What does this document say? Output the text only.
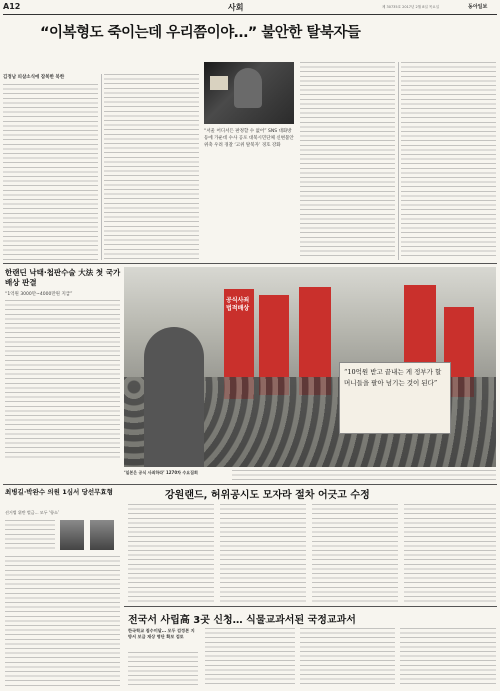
A12	사회	제 30735호 2017년 2월 8일 목요일	동아일보
“이복형도 죽이는데 우리쯤이야…” 불안한 탈북자들
김정남 피살소식에 잠복한 북한
“서울 어디서든 판정할 수 없어” SNS 대화방 등에 가운데 수사 공포 대북시민단체 신변불안 위축 우려 경찰 ‘고위 탈북자’ 경호 강화
한랜딘 낙태·첩판수술 大法 첫 국가배상 판결
“1억원 3000만~4000만원 지급”
공식사죄 법적배상
“10억원 받고 끝내는 게 정부가 할머니들을 팔아 넘기는 것이 된다”
‘일본은 공식 사죄하라’ 1270차 수요집회
최병길·박완수 의원 1심서 당선무효형
선거법 위반 벌금… 모두 ‘항소’
강원랜드, 허위공시도 모자라 절차 어긋고 수정
전국서 사립高 3곳 신청… 식물교과서된 국정교과서
한국학교 점수미달… 모두 검정본 지방서 보급 재상 명단 확보 검토
